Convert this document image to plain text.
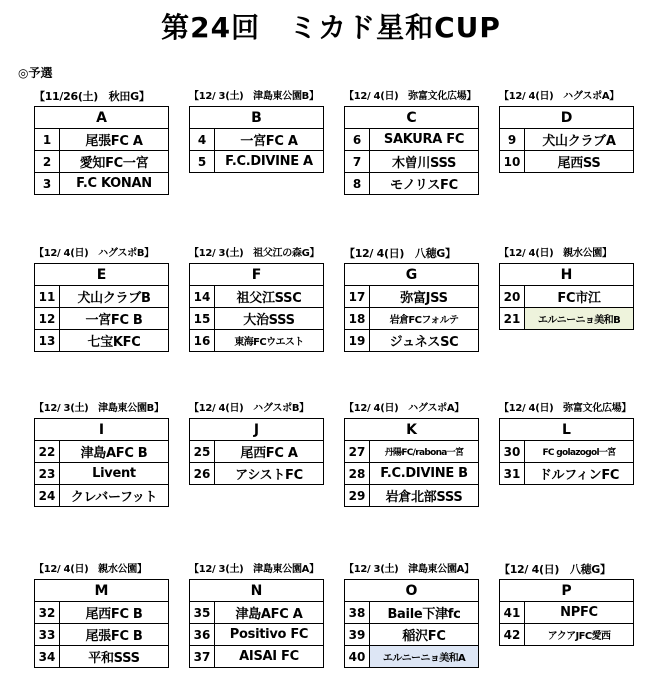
第24回　ミカド星和CUP
◎予選
【11/26(土)　秋田G】
A	
1	尾張FC A
2	愛知FC一宮
3	F.C KONAN
【12/ 3(土)　津島東公園B】
B	
4	一宮FC A
5	F.C.DIVINE A
【12/ 4(日)　弥富文化広場】
C	
6	SAKURA FC
7	木曽川SSS
8	モノリスFC
【12/ 4(日)　ハグスポA】
D	
9	犬山クラブA
10	尾西SS
【12/ 4(日)　ハグスポB】
E	
11	犬山クラブB
12	一宮FC B
13	七宝KFC
【12/ 3(土)　祖父江の森G】
F	
14	祖父江SSC
15	大治SSS
16	東海FCウエスト
【12/ 4(日)　八穂G】
G	
17	弥富JSS
18	岩倉FCフォルテ
19	ジュネスSC
【12/ 4(日)　親水公園】
H	
20	FC市江
21	エルニーニョ美和B
【12/ 3(土)　津島東公園B】
I	
22	津島AFC B
23	Livent
24	クレバーフット
【12/ 4(日)　ハグスポB】
J	
25	尾西FC A
26	アシストFC
【12/ 4(日)　ハグスポA】
K	
27	丹陽FC/rabona一宮
28	F.C.DIVINE B
29	岩倉北部SSS
【12/ 4(日)　弥富文化広場】
L	
30	FC golazogol一宮
31	ドルフィンFC
【12/ 4(日)　親水公園】
M	
32	尾西FC B
33	尾張FC B
34	平和SSS
【12/ 3(土)　津島東公園A】
N	
35	津島AFC A
36	Positivo FC
37	AISAI FC
【12/ 3(土)　津島東公園A】
O	
38	Baile下津fc
39	稲沢FC
40	エルニーニョ美和A
【12/ 4(日)　八穂G】
P	
41	NPFC
42	アクアJFC愛西
